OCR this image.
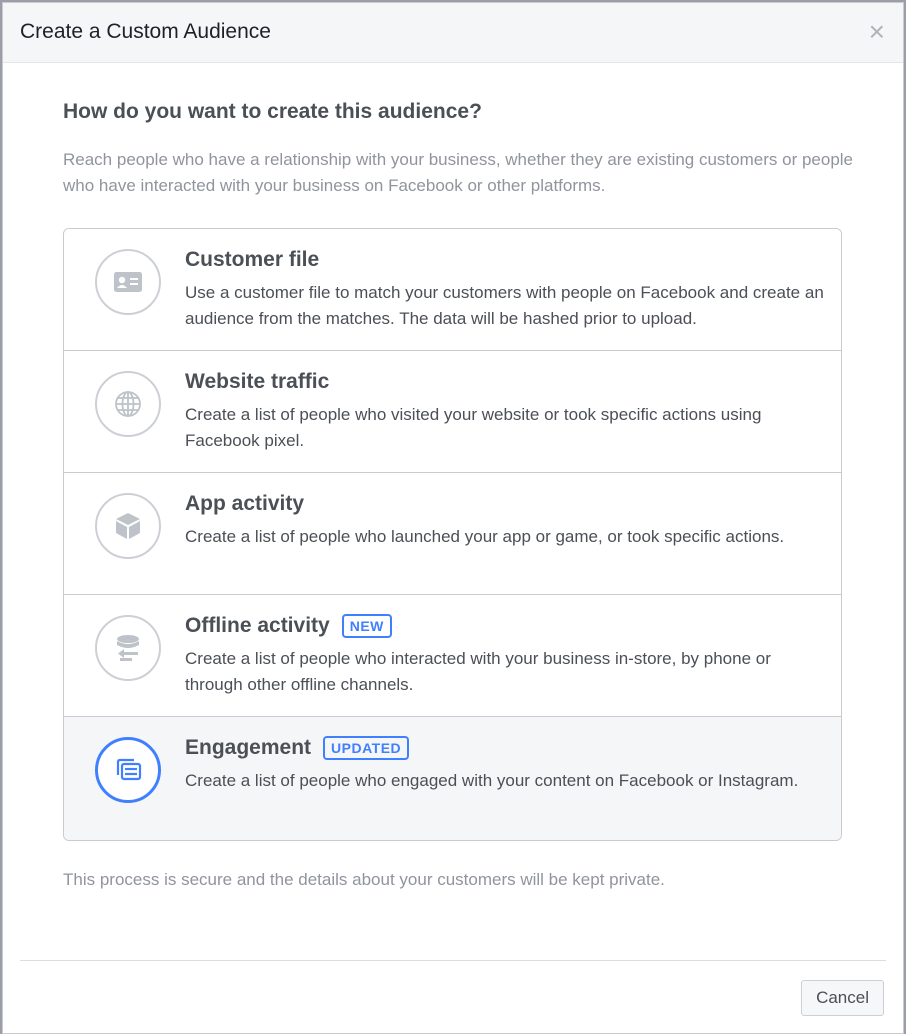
Create a Custom Audience	×
How do you want to create this audience?
Reach people who have a relationship with your business, whether they are existing customers or people who have interacted with your business on Facebook or other platforms.
Customer file
Use a customer file to match your customers with people on Facebook and create an audience from the matches. The data will be hashed prior to upload.
Website traffic
Create a list of people who visited your website or took specific actions using Facebook pixel.
App activity
Create a list of people who launched your app or game, or took specific actions.
Offline activity	NEW
Create a list of people who interacted with your business in-store, by phone or through other offline channels.
Engagement	UPDATED
Create a list of people who engaged with your content on Facebook or Instagram.
This process is secure and the details about your customers will be kept private.
Cancel
